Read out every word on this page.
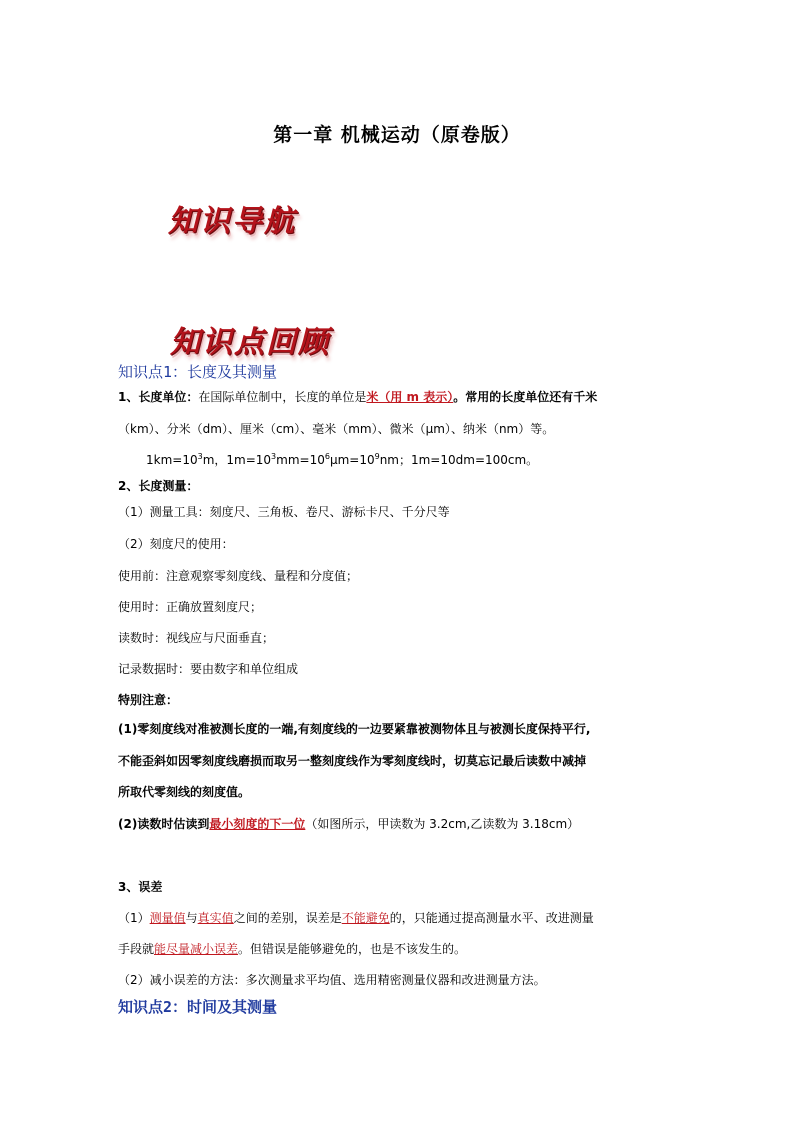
第一章 机械运动（原卷版）
知识导航
知识点回顾
知识点1：长度及其测量
1、长度单位：在国际单位制中，长度的单位是米（用 m 表示）。常用的长度单位还有千米
（km）、分米（dm）、厘米（cm）、毫米（mm）、微米（μm）、纳米（nm）等。
$1km=10^3m$，$1m=10^3mm=10^6\mu m=10^9nm$；1m=10dm=100cm。
2、长度测量：
（1）测量工具：刻度尺、三角板、卷尺、游标卡尺、千分尺等
（2）刻度尺的使用：
使用前：注意观察零刻度线、量程和分度值；
使用时：正确放置刻度尺；
读数时：视线应与尺面垂直；
记录数据时：要由数字和单位组成
特别注意：
(1)零刻度线对准被测长度的一端,有刻度线的一边要紧靠被测物体且与被测长度保持平行,
不能歪斜如因零刻度线磨损而取另一整刻度线作为零刻度线时，切莫忘记最后读数中减掉
所取代零刻线的刻度值。
(2)读数时估读到最小刻度的下一位（如图所示，甲读数为 3.2cm,乙读数为 3.18cm）
3、误差
（1）测量值与真实值之间的差别，误差是不能避免的，只能通过提高测量水平、改进测量
手段就能尽量减小误差。但错误是能够避免的，也是不该发生的。
（2）减小误差的方法：多次测量求平均值、选用精密测量仪器和改进测量方法。
知识点2：时间及其测量
